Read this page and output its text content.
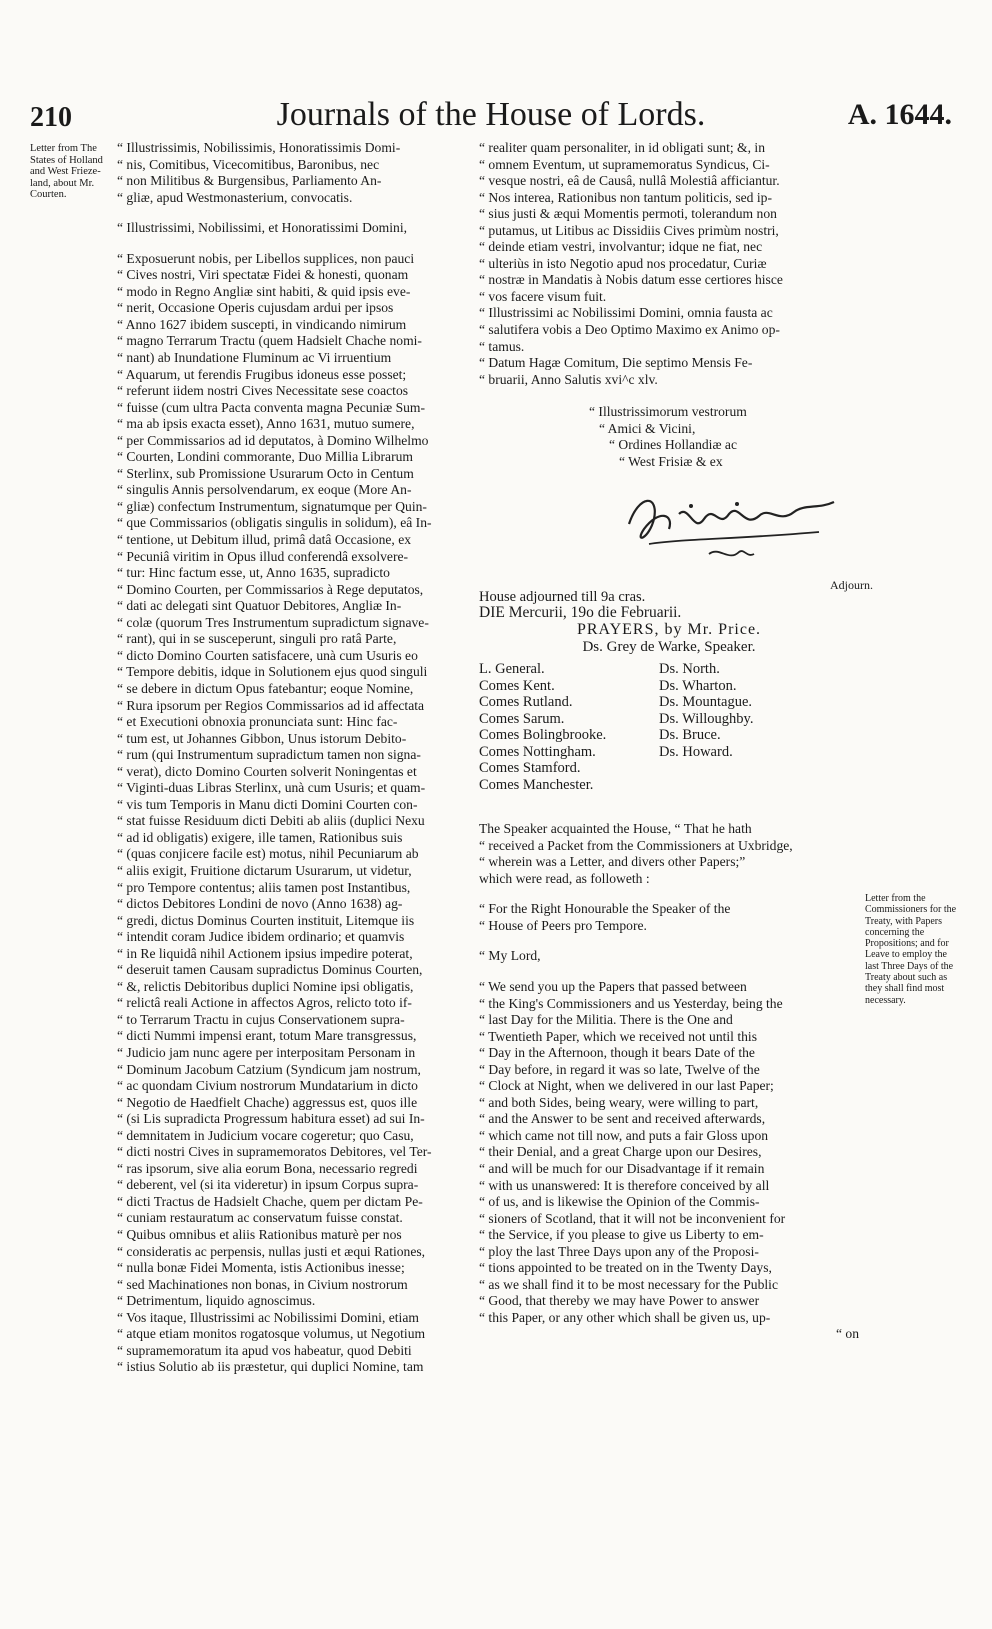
210	Journals of the House of Lords.	A. 1644.
Letter from The States of Holland and West Frieze-land, about Mr. Courten.
Adjourn.
Letter from the Commissioners for the Treaty, with Papers concerning the Propositions; and for Leave to employ the last Three Days of the Treaty about such as they shall find most necessary.

“ Illustrissimis, Nobilissimis, Honoratissimis Domi-

“ nis, Comitibus, Vicecomitibus, Baronibus, nec

“ non Militibus & Burgensibus, Parliamento An-

“ gliæ, apud Westmonasterium, convocatis.

“ Illustrissimi, Nobilissimi, et Honoratissimi Domini,

“ Exposuerunt nobis, per Libellos supplices, non pauci

“ Cives nostri, Viri spectatæ Fidei & honesti, quonam

“ modo in Regno Angliæ sint habiti, & quid ipsis eve-

“ nerit, Occasione Operis cujusdam ardui per ipsos

“ Anno 1627 ibidem suscepti, in vindicando nimirum

“ magno Terrarum Tractu (quem Hadsielt Chache nomi-

“ nant) ab Inundatione Fluminum ac Vi irruentium

“ Aquarum, ut ferendis Frugibus idoneus esse posset;

“ referunt iidem nostri Cives Necessitate sese coactos

“ fuisse (cum ultra Pacta conventa magna Pecuniæ Sum-

“ ma ab ipsis exacta esset), Anno 1631, mutuo sumere,

“ per Commissarios ad id deputatos, à Domino Wilhelmo

“ Courten, Londini commorante, Duo Millia Librarum

“ Sterlinx, sub Promissione Usurarum Octo in Centum

“ singulis Annis persolvendarum, ex eoque (More An-

“ gliæ) confectum Instrumentum, signatumque per Quin-

“ que Commissarios (obligatis singulis in solidum), eâ In-

“ tentione, ut Debitum illud, primâ datâ Occasione, ex

“ Pecuniâ viritim in Opus illud conferendâ exsolvere-

“ tur: Hinc factum esse, ut, Anno 1635, supradicto

“ Domino Courten, per Commissarios à Rege deputatos,

“ dati ac delegati sint Quatuor Debitores, Angliæ In-

“ colæ (quorum Tres Instrumentum supradictum signave-

“ rant), qui in se susceperunt, singuli pro ratâ Parte,

“ dicto Domino Courten satisfacere, unà cum Usuris eo

“ Tempore debitis, idque in Solutionem ejus quod singuli

“ se debere in dictum Opus fatebantur; eoque Nomine,

“ Rura ipsorum per Regios Commissarios ad id affectata

“ et Executioni obnoxia pronunciata sunt: Hinc fac-

“ tum est, ut Johannes Gibbon, Unus istorum Debito-

“ rum (qui Instrumentum supradictum tamen non signa-

“ verat), dicto Domino Courten solverit Noningentas et

“ Viginti-duas Libras Sterlinx, unà cum Usuris; et quam-

“ vis tum Temporis in Manu dicti Domini Courten con-

“ stat fuisse Residuum dicti Debiti ab aliis (duplici Nexu

“ ad id obligatis) exigere, ille tamen, Rationibus suis

“ (quas conjicere facile est) motus, nihil Pecuniarum ab

“ aliis exigit, Fruitione dictarum Usurarum, ut videtur,

“ pro Tempore contentus; aliis tamen post Instantibus,

“ dictos Debitores Londini de novo (Anno 1638) ag-

“ gredi, dictus Dominus Courten instituit, Litemque iis

“ intendit coram Judice ibidem ordinario; et quamvis

“ in Re liquidâ nihil Actionem ipsius impedire poterat,

“ deseruit tamen Causam supradictus Dominus Courten,

“ &, relictis Debitoribus duplici Nomine ipsi obligatis,

“ relictâ reali Actione in affectos Agros, relicto toto if-

“ to Terrarum Tractu in cujus Conservationem supra-

“ dicti Nummi impensi erant, totum Mare transgressus,

“ Judicio jam nunc agere per interpositam Personam in

“ Dominum Jacobum Catzium (Syndicum jam nostrum,

“ ac quondam Civium nostrorum Mundatarium in dicto

“ Negotio de Haedfielt Chache) aggressus est, quos ille

“ (si Lis supradicta Progressum habitura esset) ad sui In-

“ demnitatem in Judicium vocare cogeretur; quo Casu,

“ dicti nostri Cives in supramemoratos Debitores, vel Ter-

“ ras ipsorum, sive alia eorum Bona, necessario regredi

“ deberent, vel (si ita videretur) in ipsum Corpus supra-

“ dicti Tractus de Hadsielt Chache, quem per dictam Pe-

“ cuniam restauratum ac conservatum fuisse constat.

“ Quibus omnibus et aliis Rationibus maturè per nos

“ consideratis ac perpensis, nullas justi et æqui Rationes,

“ nulla bonæ Fidei Momenta, istis Actionibus inesse;

“ sed Machinationes non bonas, in Civium nostrorum

“ Detrimentum, liquido agnoscimus.

“ Vos itaque, Illustrissimi ac Nobilissimi Domini, etiam

“ atque etiam monitos rogatosque volumus, ut Negotium

“ supramemoratum ita apud vos habeatur, quod Debiti

“ istius Solutio ab iis præstetur, qui duplici Nomine, tam

“ realiter quam personaliter, in id obligati sunt; &, in

“ omnem Eventum, ut supramemoratus Syndicus, Ci-

“ vesque nostri, eâ de Causâ, nullâ Molestiâ afficiantur.

“ Nos interea, Rationibus non tantum politicis, sed ip-

“ sius justi & æqui Momentis permoti, tolerandum non

“ putamus, ut Litibus ac Dissidiis Cives primùm nostri,

“ deinde etiam vestri, involvantur; idque ne fiat, nec

“ ulteriùs in isto Negotio apud nos procedatur, Curiæ

“ nostræ in Mandatis à Nobis datum esse certiores hisce

“ vos facere visum fuit.

“ Illustrissimi ac Nobilissimi Domini, omnia fausta ac

“ salutifera vobis a Deo Optimo Maximo ex Animo op-

“ tamus.

“ Datum Hagæ Comitum, Die septimo Mensis Fe-

“ bruarii, Anno Salutis xvi^c xlv.

“ Illustrissimorum vestrorum

“ Amici & Vicini,

“ Ordines Hollandiæ ac

“ West Frisiæ & ex

House adjourned till 9a cras.

DIE Mercurii, 19o die Februarii.

PRAYERS, by Mr. Price.

Ds. Grey de Warke, Speaker.

L. General.

Comes Kent.

Comes Rutland.

Comes Sarum.

Comes Bolingbrooke.

Comes Nottingham.

Comes Stamford.

Comes Manchester.

Ds. North.

Ds. Wharton.

Ds. Mountague.

Ds. Willoughby.

Ds. Bruce.

Ds. Howard.

The Speaker acquainted the House, “ That he hath

“ received a Packet from the Commissioners at Uxbridge,

“ wherein was a Letter, and divers other Papers;”

which were read, as followeth :

“ For the Right Honourable the Speaker of the

“ House of Peers pro Tempore.

“ My Lord,

“ We send you up the Papers that passed between

“ the King's Commissioners and us Yesterday, being the

“ last Day for the Militia. There is the One and

“ Twentieth Paper, which we received not until this

“ Day in the Afternoon, though it bears Date of the

“ Day before, in regard it was so late, Twelve of the

“ Clock at Night, when we delivered in our last Paper;

“ and both Sides, being weary, were willing to part,

“ and the Answer to be sent and received afterwards,

“ which came not till now, and puts a fair Gloss upon

“ their Denial, and a great Charge upon our Desires,

“ and will be much for our Disadvantage if it remain

“ with us unanswered: It is therefore conceived by all

“ of us, and is likewise the Opinion of the Commis-

“ sioners of Scotland, that it will not be inconvenient for

“ the Service, if you please to give us Liberty to em-

“ ploy the last Three Days upon any of the Proposi-

“ tions appointed to be treated on in the Twenty Days,

“ as we shall find it to be most necessary for the Public

“ Good, that thereby we may have Power to answer

“ this Paper, or any other which shall be given us, up-

“ on
